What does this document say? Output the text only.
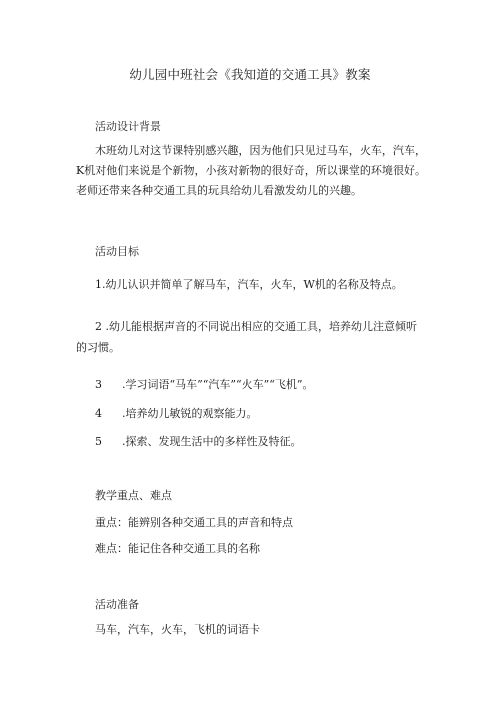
幼儿园中班社会《我知道的交通工具》教案
活动设计背景
木班幼儿对这节课特别感兴趣，因为他们只见过马车，火车，汽车，K机对他们来说是个新物，小孩对新物的很好奇，所以课堂的环境很好。老师还带来各种交通工具的玩具给幼儿看激发幼儿的兴趣。
活动目标
1.幼儿认识并简单了解马车，汽车，火车，W机的名称及特点。
2 .幼儿能根据声音的不同说出相应的交通工具，培养幼儿注意倾听的习惯。
3 .学习词语“马车”“汽车”“火车”“飞机”。
4 .培养幼儿敏锐的观察能力。
5 .探索、发现生活中的多样性及特征。
教学重点、难点
重点：能辨别各种交通工具的声音和特点
难点：能记住各种交通工具的名称
活动准备
马车，汽车，火车，飞机的词语卡
